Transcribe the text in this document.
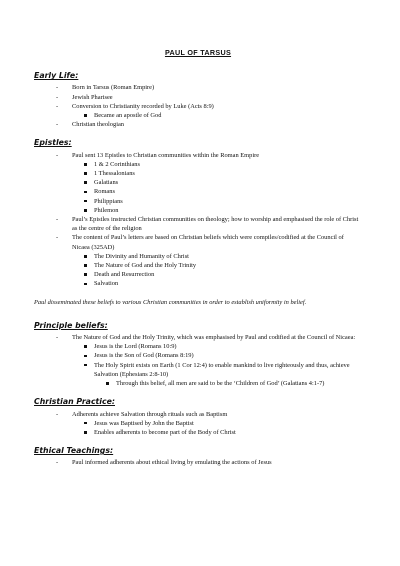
PAUL OF TARSUS
Early Life:
- Born in Tarsus (Roman Empire)
- Jewish Pharisee
- Conversion to Christianity recorded by Luke (Acts 8:9)
Became an apostle of God
- Christian theologian
Epistles:
- Paul sent 13 Epistles to Christian communities within the Roman Empire
1 & 2 Corinthians
1 Thessalonians
Galatians
Romans
Philippians
Philemon
- Paul’s Epistles instructed Christian communities on theology; how to worship and emphasised the role of Christ as the centre of the religion
- The content of Paul’s letters are based on Christian beliefs which were compiles/codified at the Council of Nicaea (325AD)
The Divinity and Humanity of Christ
The Nature of God and the Holy Trinity
Death and Resurrection
Salvation
Paul disseminated these beliefs to various Christian communities in order to establish uniformity in belief.
Principle beliefs:
- The Nature of God and the Holy Trinity, which was emphasised by Paul and codified at the Council of Nicaea:
Jesus is the Lord (Romans 10:9)
Jesus is the Son of God (Romans 8:19)
The Holy Spirit exists on Earth (1 Cor 12:4) to enable mankind to live righteously and thus, achieve Salvation (Ephesians 2:8-10)
Through this belief, all men are said to be the ‘Children of God’ (Galatians 4:1-7)
Christian Practice:
- Adherents achieve Salvation through rituals such as Baptism
Jesus was Baptised by John the Baptist
Enables adherents to become part of the Body of Christ
Ethical Teachings:
- Paul informed adherents about ethical living by emulating the actions of Jesus
